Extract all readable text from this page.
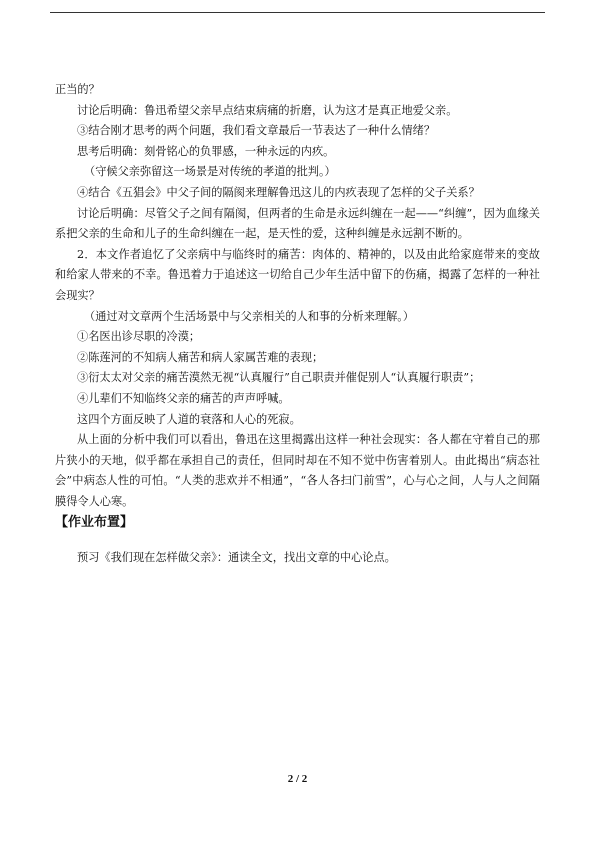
正当的？

讨论后明确：鲁迅希望父亲早点结束病痛的折磨，认为这才是真正地爱父亲。

③结合刚才思考的两个问题，我们看文章最后一节表达了一种什么情绪？

思考后明确：刻骨铭心的负罪感，一种永远的内疚。

（守候父亲弥留这一场景是对传统的孝道的批判。）

④结合《五猖会》中父子间的隔阂来理解鲁迅这儿的内疚表现了怎样的父子关系？

讨论后明确：尽管父子之间有隔阂，但两者的生命是永远纠缠在一起——“纠缠”，因为血缘关系把父亲的生命和儿子的生命纠缠在一起，是天性的爱，这种纠缠是永远割不断的。

2．本文作者追忆了父亲病中与临终时的痛苦：肉体的、精神的，以及由此给家庭带来的变故和给家人带来的不幸。鲁迅着力于追述这一切给自己少年生活中留下的伤痛，揭露了怎样的一种社会现实？

（通过对文章两个生活场景中与父亲相关的人和事的分析来理解。）

①名医出诊尽职的冷漠；

②陈莲河的不知病人痛苦和病人家属苦难的表现；

③衍太太对父亲的痛苦漠然无视“认真履行”自己职责并催促别人“认真履行职责”；

④儿辈们不知临终父亲的痛苦的声声呼喊。

这四个方面反映了人道的衰落和人心的死寂。

从上面的分析中我们可以看出，鲁迅在这里揭露出这样一种社会现实：各人都在守着自己的那片狭小的天地，似乎都在承担自己的责任，但同时却在不知不觉中伤害着别人。由此揭出“病态社会”中病态人性的可怕。“人类的悲欢并不相通”，“各人各扫门前雪”，心与心之间，人与人之间隔膜得令人心寒。

【作业布置】

预习《我们现在怎样做父亲》：通读全文，找出文章的中心论点。

2 / 2
